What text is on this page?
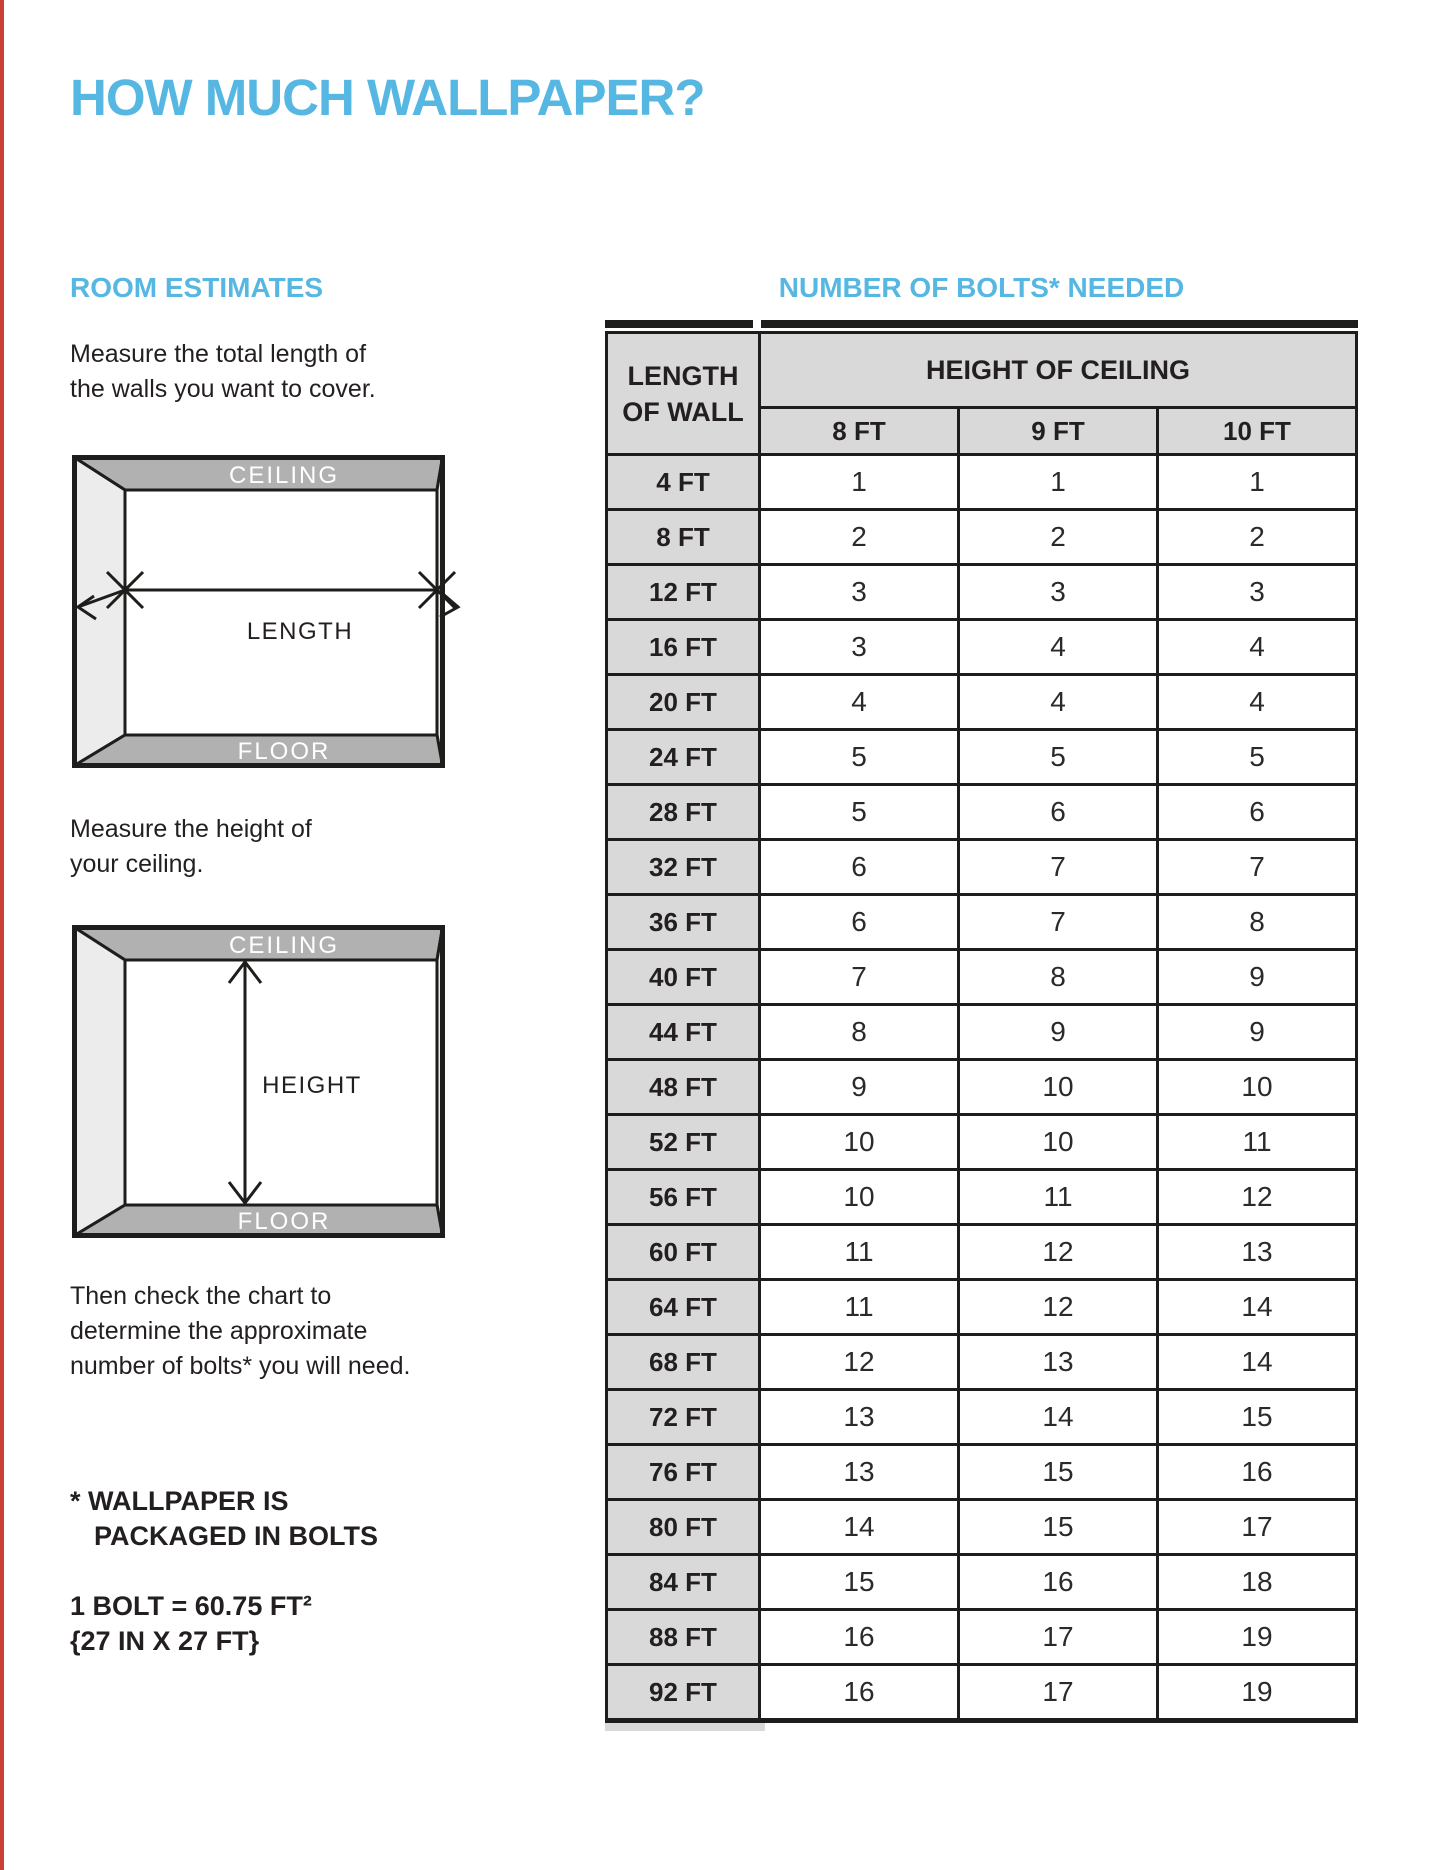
HOW MUCH WALLPAPER?
ROOM ESTIMATES	NUMBER OF BOLTS* NEEDED

Measure the total length of
the walls you want to cover.

CEILING
FLOOR
LENGTH

Measure the height of
your ceiling.

CEILING
FLOOR
HEIGHT

Then check the chart to
determine the approximate
number of bolts* you will need.

* WALLPAPER IS
PACKAGED IN BOLTS

1 BOLT = 60.75 FT²
{27 IN X 27 FT}

LENGTH
OF WALL	HEIGHT OF CEILING		
	8 FT	9 FT	10 FT
4 FT	1	1	1
8 FT	2	2	2
12 FT	3	3	3
16 FT	3	4	4
20 FT	4	4	4
24 FT	5	5	5
28 FT	5	6	6
32 FT	6	7	7
36 FT	6	7	8
40 FT	7	8	9
44 FT	8	9	9
48 FT	9	10	10
52 FT	10	10	11
56 FT	10	11	12
60 FT	11	12	13
64 FT	11	12	14
68 FT	12	13	14
72 FT	13	14	15
76 FT	13	15	16
80 FT	14	15	17
84 FT	15	16	18
88 FT	16	17	19
92 FT	16	17	19
